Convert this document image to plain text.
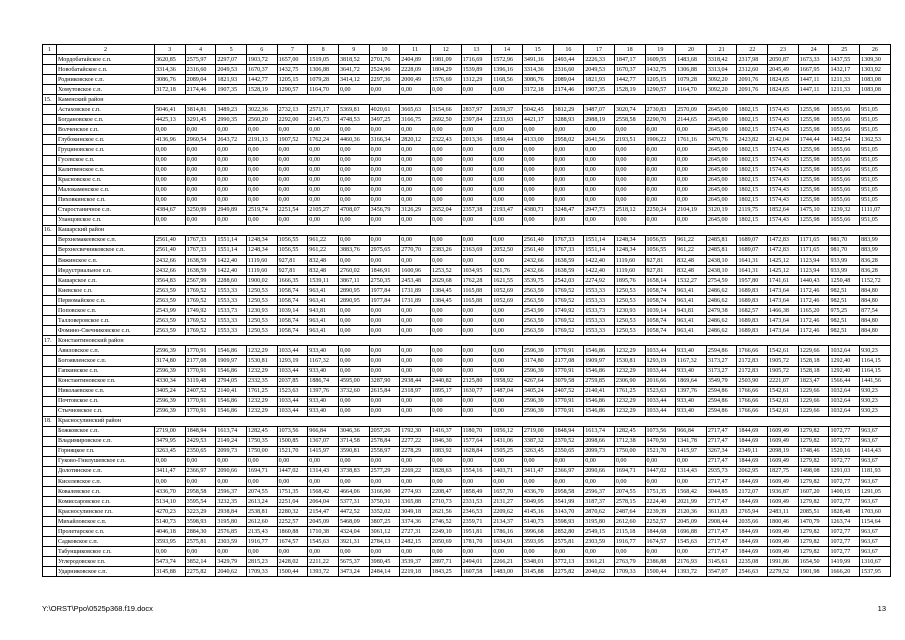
1	2	3	4	5	6	7	8	9	10	11	12	13	14	15	16	17	18	19	20	21	22	23	24	25	26
	Мордобатайское с.п.	3620,85	2575,97	2297,07	1903,72	1657,00	1519,05	3818,52	2701,76	2404,89	1981,09	1716,69	1572,96	3491,16	2493,44	2226,33	1847,17	1609,55	1483,68	3318,42	2317,98	2050,87	1673,33	1437,55	1309,30
	Новобатайское с.п.	3314,36	2316,60	2049,53	1670,37	1432,75	1306,88	3641,72	2524,96	2228,09	1804,29	1539,89	1396,16	3314,36	2316,60	2049,53	1670,37	1432,75	1306,88	3313,04	2312,60	2045,49	1667,95	1432,17	1303,92
	Родниковское с.п.	3086,76	2089,04	1821,93	1442,77	1205,15	1079,28	3414,12	2297,36	2000,49	1576,69	1312,29	1168,56	3086,76	2089,04	1821,93	1442,77	1205,15	1079,28	3092,20	2091,76	1824,65	1447,11	1211,33	1083,08
	Хомутовское с.п.	3172,18	2174,46	1907,35	1528,19	1290,57	1164,70	0,00	0,00	0,00	0,00	0,00	0,00	3172,18	2174,46	1907,35	1528,19	1290,57	1164,70	3092,20	2091,76	1824,65	1447,11	1211,33	1083,08
15.	Каменский район																								
	Астаховское с.п.	5046,41	3814,81	3489,23	3022,36	2732,13	2571,17	5369,81	4020,61	3665,63	3154,66	2837,97	2659,37	5042,45	3812,29	3487,07	3020,74	2730,83	2570,09	2645,00	1802,15	1574,43	1255,98	1055,66	951,05
	Богдановское с.п.	4425,13	3291,45	2990,35	2560,20	2292,00	2145,73	4748,53	3497,25	3166,75	2692,50	2397,84	2233,93	4421,17	3288,93	2988,19	2558,58	2290,70	2144,65	2645,00	1802,15	1574,43	1255,98	1055,66	951,05
	Волченское с.п.	0,00	0,00	0,00	0,00	0,00	0,00	0,00	0,00	0,00	0,00	0,00	0,00	0,00	0,00	0,00	0,00	0,00	0,00	2645,00	1802,15	1574,43	1255,98	1055,66	951,05
	Глубокинское с.п.	4136,96	2960,54	2643,72	2191,13	1907,52	1762,24	4460,36	3166,34	2820,12	2322,43	2013,36	1850,44	4133,00	2958,02	2641,56	2193,51	1906,22	1761,16	3470,76	2423,82	2142,04	1744,44	1482,54	1362,53
	Груциновское с.п.	0,00	0,00	0,00	0,00	0,00	0,00	0,00	0,00	0,00	0,00	0,00	0,00	0,00	0,00	0,00	0,00	0,00	0,00	2645,00	1802,15	1574,43	1255,98	1055,66	951,05
	Гусевское с.п.	0,00	0,00	0,00	0,00	0,00	0,00	0,00	0,00	0,00	0,00	0,00	0,00	0,00	0,00	0,00	0,00	0,00	0,00	2645,00	1802,15	1574,43	1255,98	1055,66	951,05
	Калитвенское с.п.	0,00	0,00	0,00	0,00	0,00	0,00	0,00	0,00	0,00	0,00	0,00	0,00	0,00	0,00	0,00	0,00	0,00	0,00	2645,00	1802,15	1574,43	1255,98	1055,66	951,05
	Красновское с.п.	0,00	0,00	0,00	0,00	0,00	0,00	0,00	0,00	0,00	0,00	0,00	0,00	0,00	0,00	0,00	0,00	0,00	0,00	2645,00	1802,15	1574,43	1255,98	1055,66	951,05
	Малокаменское с.п.	0,00	0,00	0,00	0,00	0,00	0,00	0,00	0,00	0,00	0,00	0,00	0,00	0,00	0,00	0,00	0,00	0,00	0,00	2645,00	1802,15	1574,43	1255,98	1055,66	951,05
	Пиховкинское с.п.	0,00	0,00	0,00	0,00	0,00	0,00	0,00	0,00	0,00	0,00	0,00	0,00	0,00	0,00	0,00	0,00	0,00	0,00	2645,00	1802,15	1574,43	1255,98	1055,66	951,05
	Старостаничное с.п.	4384,67	3250,99	2949,89	2519,74	2251,54	2105,27	4708,07	3456,79	3126,29	2652,04	2357,38	2193,47	4380,71	3248,47	2947,73	2518,12	2250,24	2104,19	3120,19	2119,75	1852,64	1475,10	1239,32	1111,07
	Уланцовское с.п.	0,00	0,00	0,00	0,00	0,00	0,00	0,00	0,00	0,00	0,00	0,00	0,00	0,00	0,00	0,00	0,00	0,00	0,00	2645,00	1802,15	1574,43	1255,98	1055,66	951,05
16.	Кашарский район																								
	Верхнемакеевское с.п.	2561,40	1767,33	1551,14	1248,34	1056,55	961,22	0,00	0,00	0,00	0,00	0,00	0,00	2561,40	1767,33	1551,14	1248,34	1056,55	961,22	2485,81	1689,07	1472,83	1171,65	981,70	883,99
	Верхнесвечниковское с.п.	2561,40	1767,33	1551,14	1248,34	1056,55	961,22	3883,76	2975,65	2770,70	2383,26	2163,69	2052,50	2561,40	1767,33	1551,14	1248,34	1056,55	961,22	2485,81	1689,07	1472,83	1171,65	981,70	883,99
	Вяжинское с.п.	2432,66	1638,59	1422,40	1119,60	927,81	832,48	0,00	0,00	0,00	0,00	0,00	0,00	2432,66	1638,59	1422,40	1119,60	927,81	832,48	2438,10	1641,31	1425,12	1123,94	933,99	836,28
	Индустриальное с.п.	2432,66	1638,59	1422,40	1119,60	927,81	832,48	2760,02	1846,91	1600,96	1253,52	1034,95	921,76	2432,66	1638,59	1422,40	1119,60	927,81	832,48	2438,10	1641,31	1425,12	1123,94	933,99	836,28
	Кашарское с.п.	3564,83	2567,99	2288,60	1900,02	1666,35	1539,11	3867,11	2750,35	2453,48	2029,68	1762,28	1621,55	3539,75	2542,03	2274,92	1895,76	1658,14	1532,27	2754,59	1957,80	1741,61	1440,43	1250,48	1152,72
	Киевское с.п.	2563,59	1769,52	1553,33	1250,53	1058,74	963,41	2890,95	1977,84	1731,89	1384,45	1165,88	1052,69	2563,59	1769,52	1553,33	1250,53	1058,74	963,41	2486,62	1689,83	1473,64	1172,46	982,51	884,80
	Первомайское с.п.	2563,59	1769,52	1553,33	1250,53	1058,74	963,41	2890,95	1977,84	1731,89	1384,45	1165,88	1052,69	2563,59	1769,52	1553,33	1250,53	1058,74	963,41	2486,62	1689,83	1473,64	1172,46	982,51	884,80
	Поповское с.п.	2543,99	1749,92	1533,73	1230,93	1039,14	943,81	0,00	0,00	0,00	0,00	0,00	0,00	2543,99	1749,92	1533,73	1230,93	1039,14	943,81	2479,38	1682,57	1466,38	1165,20	975,25	877,54
	Талловеровское с.п.	2563,59	1769,52	1553,33	1250,53	1058,74	963,41	0,00	0,00	0,00	0,00	0,00	0,00	2563,59	1769,52	1553,33	1250,53	1058,74	963,41	2486,62	1689,83	1473,64	1172,46	982,51	884,80
	Фомино-Свечниковское с.п.	2563,59	1769,52	1553,33	1250,53	1058,74	963,41	0,00	0,00	0,00	0,00	0,00	0,00	2563,59	1769,52	1553,33	1250,53	1058,74	963,41	2486,62	1689,83	1473,64	1172,46	982,51	884,80
17.	Константиновский район																								
	Авиловское с.п.	2596,39	1770,91	1546,86	1232,29	1033,44	933,40	0,00	0,00	0,00	0,00	0,00	0,00	2596,39	1770,91	1546,86	1232,29	1033,44	933,40	2594,86	1766,66	1542,61	1229,66	1032,64	930,23
	Богоявленское с.п.	3174,80	2177,08	1909,97	1530,81	1293,19	1167,32	0,00	0,00	0,00	0,00	0,00	0,00	3174,80	2177,08	1909,97	1530,81	1293,19	1167,32	3173,27	2172,83	1905,72	1528,18	1292,40	1164,15
	Гапкинское с.п.	2596,39	1770,91	1546,86	1232,29	1033,44	933,40	0,00	0,00	0,00	0,00	0,00	0,00	2596,39	1770,91	1546,86	1232,29	1033,44	933,40	3173,27	2172,83	1905,72	1528,18	1292,40	1164,15
	Константиновское г.п.	4330,34	3119,48	2794,05	2332,35	2037,85	1886,74	4595,00	3287,90	2938,44	2440,82	2125,80	1958,92	4267,64	3079,58	2759,85	2306,90	2016,66	1869,64	3549,79	2503,90	2221,07	1823,47	1566,44	1441,56
	Николаевское с.п.	3405,24	2407,52	2140,41	1761,25	1523,63	1397,76	3732,60	2615,84	2318,97	1895,17	1630,77	1487,04	3405,24	2407,52	2140,41	1761,25	1523,63	1397,76	2594,86	1766,66	1542,61	1229,66	1032,64	930,23
	Почтовское с.п.	2596,39	1770,91	1546,86	1232,29	1033,44	933,40	0,00	0,00	0,00	0,00	0,00	0,00	2596,39	1770,91	1546,86	1232,29	1033,44	933,40	2594,86	1766,66	1542,61	1229,66	1032,64	930,23
	Стычновское с.п.	2596,39	1770,91	1546,86	1232,29	1033,44	933,40	0,00	0,00	0,00	0,00	0,00	0,00	2596,39	1770,91	1546,86	1232,29	1033,44	933,40	2594,86	1766,66	1542,61	1229,66	1032,64	930,23
18.	Красносулинский район																								
	Божковское с.п.	2719,00	1848,94	1613,74	1282,45	1073,56	966,84	3046,36	2057,26	1792,30	1416,37	1180,70	1056,12	2719,00	1848,94	1613,74	1282,45	1073,56	966,84	2717,47	1844,69	1609,49	1279,82	1072,77	963,67
	Владимировское с.п.	3479,95	2429,53	2149,24	1750,35	1500,85	1367,07	3714,58	2578,84	2277,22	1846,30	1577,64	1431,06	3387,32	2370,52	2098,66	1712,38	1470,50	1341,78	2717,47	1844,69	1609,49	1279,82	1072,77	963,67
	Горняцкое г.п.	3263,45	2350,65	2099,73	1750,00	1521,70	1415,97	3590,81	2558,97	2278,29	1883,92	1628,84	1505,25	3263,45	2350,65	2099,73	1750,00	1521,70	1415,97	3267,34	2349,11	2098,19	1748,46	1520,16	1414,43
	Гуково-Гнилушевское с.п.	0,00	0,00	0,00	0,00	0,00	0,00	0,00	0,00	0,00	0,00	0,00	0,00	0,00	0,00	0,00	0,00	0,00	0,00	2717,47	1844,69	1609,49	1279,82	1072,77	963,67
	Долотинское с.п.	3411,47	2366,97	2090,66	1694,71	1447,02	1314,43	3738,83	2577,29	2269,22	1828,63	1554,16	1403,71	3411,47	2366,97	2090,66	1694,71	1447,02	1314,43	2935,73	2062,95	1827,75	1498,08	1291,03	1181,93
	Киселевское с.п.	0,00	0,00	0,00	0,00	0,00	0,00	0,00	0,00	0,00	0,00	0,00	0,00	0,00	0,00	0,00	0,00	0,00	0,00	2717,47	1844,69	1609,49	1279,82	1072,77	963,67
	Ковалевское с.п.	4336,70	2958,58	2596,37	2074,55	1751,35	1568,42	4664,06	3166,90	2774,93	2208,47	1858,49	1657,70	4336,70	2958,58	2596,37	2074,55	1751,35	1568,42	3044,85	2172,07	1936,87	1607,20	1400,15	1291,05
	Комиссаровское с.п.	5134,10	3595,54	3232,35	2613,24	2251,04	2064,04	5377,31	3750,31	3365,88	2710,73	2331,53	2131,27	5049,95	3541,99	3187,37	2578,15	2224,40	2021,99	2717,47	1844,69	1609,49	1279,82	1072,77	963,67
	Красносулинское г.п.	4270,23	3223,29	2938,84	2538,81	2280,32	2154,47	4472,52	3352,02	3049,18	2621,56	2346,53	2209,62	4145,16	3143,70	2870,62	2487,64	2239,39	2120,36	3611,83	2765,94	2483,11	2085,51	1828,48	1703,60
	Михайловское с.п.	5140,73	3598,93	3195,80	2612,60	2252,57	2045,09	5468,09	3807,25	3374,36	2746,52	2359,71	2134,37	5140,73	3598,93	3195,80	2612,60	2252,57	2045,09	2908,44	2035,66	1800,46	1470,79	1263,74	1154,64
	Пролетарское с.п.	4046,18	2884,30	2576,85	2135,43	1860,88	1710,38	4324,04	3061,12	2727,31	2249,10	1951,81	1786,16	3996,68	2852,80	2549,15	2115,18	1844,68	1696,88	2717,47	1844,69	1609,49	1279,82	1072,77	963,67
	Садковское с.п.	3593,95	2575,81	2303,59	1916,77	1674,57	1545,63	3921,31	2784,13	2482,15	2050,69	1781,70	1634,91	3593,95	2575,81	2303,59	1916,77	1674,57	1545,63	2717,47	1844,69	1609,49	1279,82	1072,77	963,67
	Табунщиковское с.п.	0,00	0,00	0,00	0,00	0,00	0,00	0,00	0,00	0,00	0,00	0,00	0,00	0,00	0,00	0,00	0,00	0,00	0,00	2717,47	1844,69	1609,49	1279,82	1072,77	963,67
	Углеродовское г.п.	5473,74	3852,14	3429,79	2815,23	2428,02	2211,22	5675,37	3980,45	3539,37	2897,71	2494,01	2266,21	5348,01	3772,13	3361,21	2763,79	2386,88	2176,93	3145,61	2235,08	1991,86	1654,50	1419,99	1310,67
	Ударниковское с.п.	3145,88	2275,82	2040,62	1709,33	1500,44	1393,72	3473,24	2484,14	2219,18	1843,25	1607,58	1483,00	3145,88	2275,82	2040,62	1709,33	1500,44	1393,72	3547,07	2546,63	2279,52	1901,98	1666,20	1537,95
Y:\ORST\Ppo\0525p368.f19.docx	13
